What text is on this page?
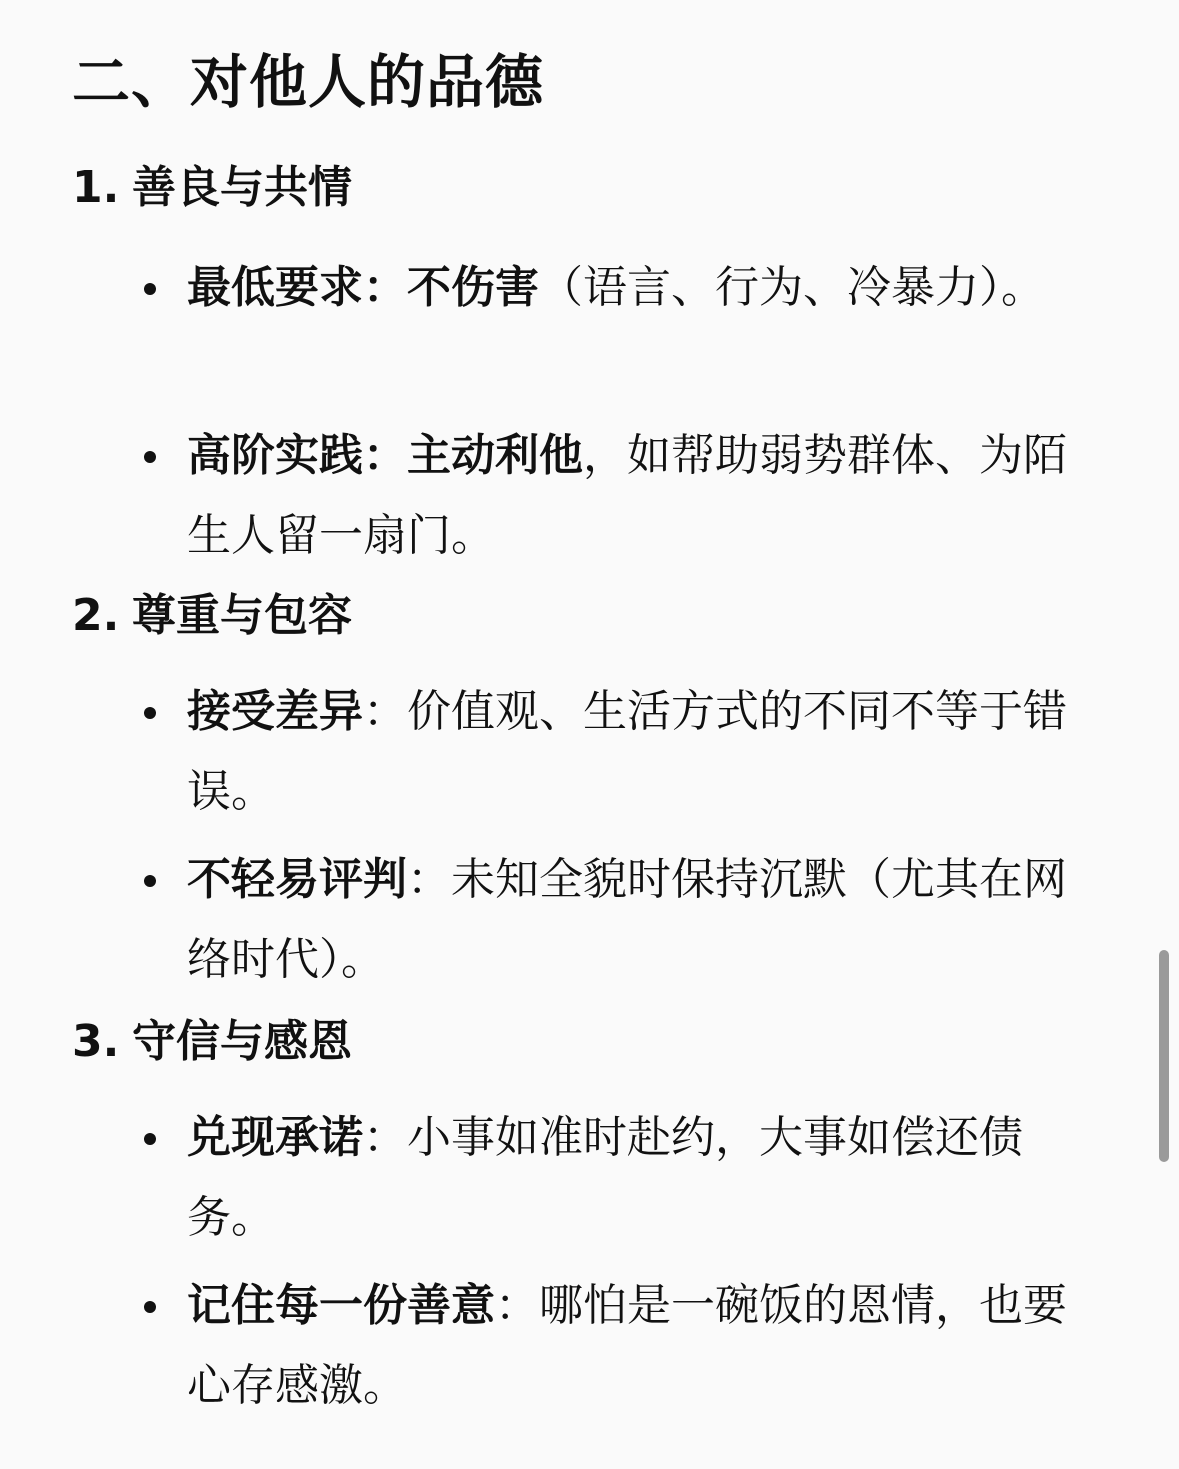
二、对他人的品德
1. 善良与共情
最低要求：不伤害（语言、行为、冷暴力）。
高阶实践：主动利他，如帮助弱势群体、为陌生人留一扇门。
2. 尊重与包容
接受差异：价值观、生活方式的不同不等于错误。
不轻易评判：未知全貌时保持沉默（尤其在网络时代）。
3. 守信与感恩
兑现承诺：小事如准时赴约，大事如偿还债务。
记住每一份善意：哪怕是一碗饭的恩情，也要心存感激。
